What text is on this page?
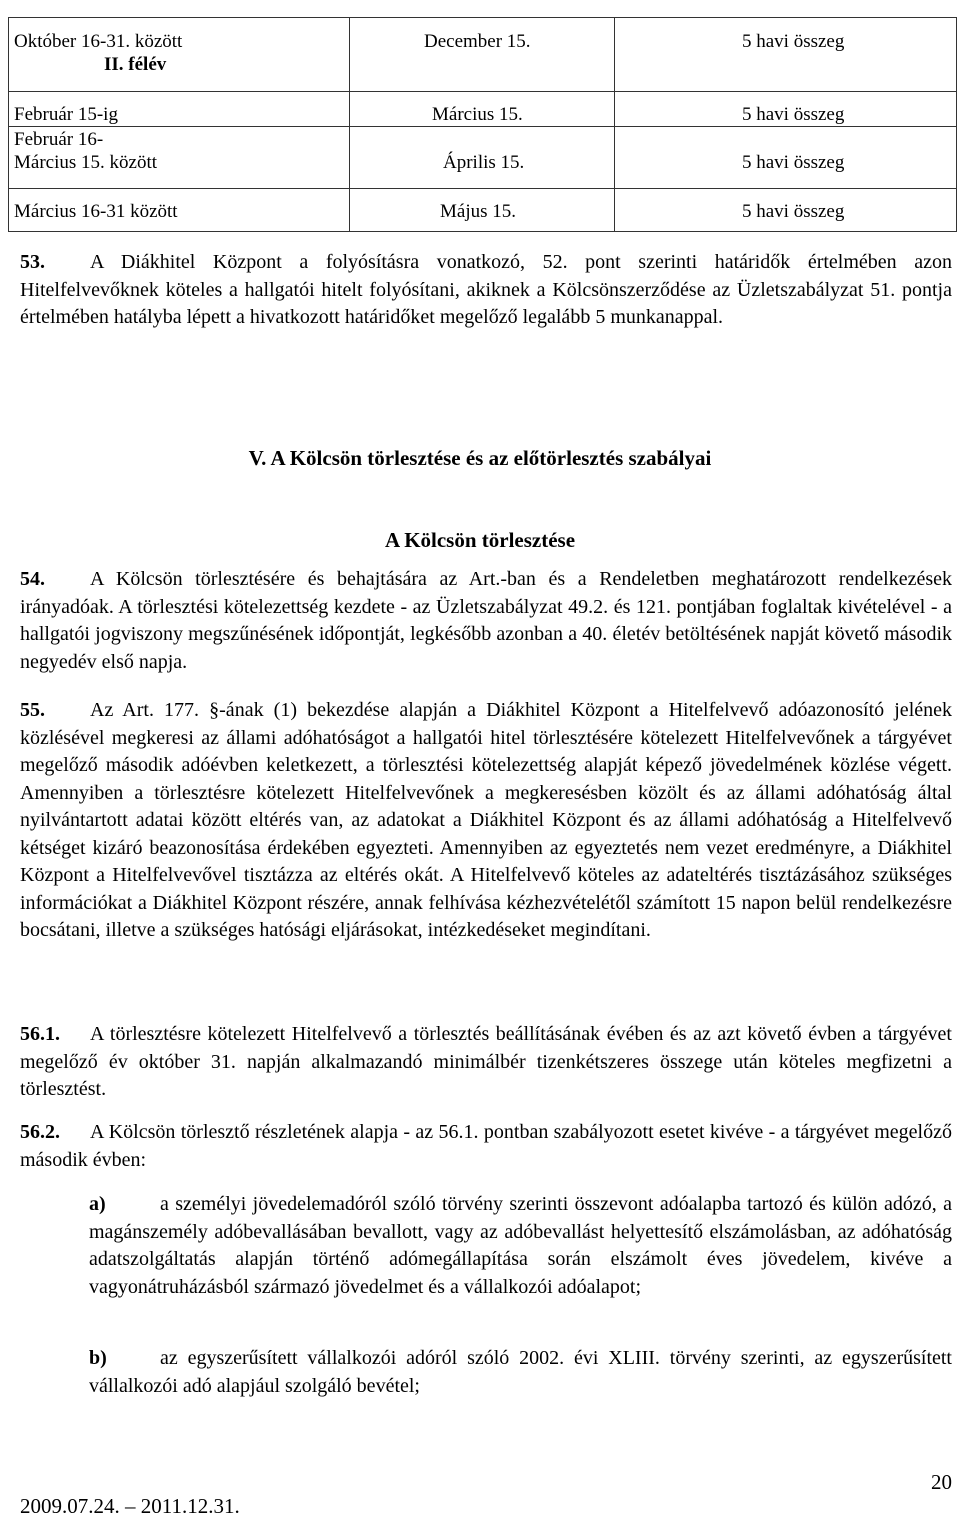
Október 16-31. között	December 15.	5 havi összeg
II. félév
Február 15-ig	Március 15.	5 havi összeg
Február 16-
Március 15. között	Április 15.	5 havi összeg
Március 16-31 között	Május 15.	5 havi összeg

53. A Diákhitel Központ a folyósításra vonatkozó, 52. pont szerinti határidők értelmében azon Hitelfelvevőknek köteles a hallgatói hitelt folyósítani, akiknek a Kölcsönszerződése az Üzletszabályzat 51. pontja értelmében hatályba lépett a hivatkozott határidőket megelőző legalább 5 munkanappal.

V. A Kölcsön törlesztése és az előtörlesztés szabályai
A Kölcsön törlesztése

54. A Kölcsön törlesztésére és behajtására az Art.-ban és a Rendeletben meghatározott rendelkezések irányadóak. A törlesztési kötelezettség kezdete - az Üzletszabályzat 49.2. és 121. pontjában foglaltak kivételével - a hallgatói jogviszony megszűnésének időpontját, legkésőbb azonban a 40. életév betöltésének napját követő második negyedév első napja.

55. Az Art. 177. §-ának (1) bekezdése alapján a Diákhitel Központ a Hitelfelvevő adóazonosító jelének közlésével megkeresi az állami adóhatóságot a hallgatói hitel törlesztésére kötelezett Hitelfelvevőnek a tárgyévet megelőző második adóévben keletkezett, a törlesztési kötelezettség alapját képező jövedelmének közlése végett. Amennyiben a törlesztésre kötelezett Hitelfelvevőnek a megkeresésben közölt és az állami adóhatóság által nyilvántartott adatai között eltérés van, az adatokat a Diákhitel Központ és az állami adóhatóság a Hitelfelvevő kétséget kizáró beazonosítása érdekében egyezteti. Amennyiben az egyeztetés nem vezet eredményre, a Diákhitel Központ a Hitelfelvevővel tisztázza az eltérés okát. A Hitelfelvevő köteles az adateltérés tisztázásához szükséges információkat a Diákhitel Központ részére, annak felhívása kézhezvételétől számított 15 napon belül rendelkezésre bocsátani, illetve a szükséges hatósági eljárásokat, intézkedéseket megindítani.

56.1. A törlesztésre kötelezett Hitelfelvevő a törlesztés beállításának évében és az azt követő évben a tárgyévet megelőző év október 31. napján alkalmazandó minimálbér tizenkétszeres összege után köteles megfizetni a törlesztést.

56.2. A Kölcsön törlesztő részletének alapja - az 56.1. pontban szabályozott esetet kivéve - a tárgyévet megelőző második évben:

a)	a személyi jövedelemadóról szóló törvény szerinti összevont adóalapba tartozó és külön adózó, a magánszemély adóbevallásában bevallott, vagy az adóbevallást helyettesítő elszámolásban, az adóhatóság adatszolgáltatás alapján történő adómegállapítása során elszámolt éves jövedelem, kivéve a vagyonátruházásból származó jövedelmet és a vállalkozói adóalapot;
b)	az egyszerűsített vállalkozói adóról szóló 2002. évi XLIII. törvény szerinti, az egyszerűsített vállalkozói adó alapjául szolgáló bevétel;
20
2009.07.24. – 2011.12.31.
